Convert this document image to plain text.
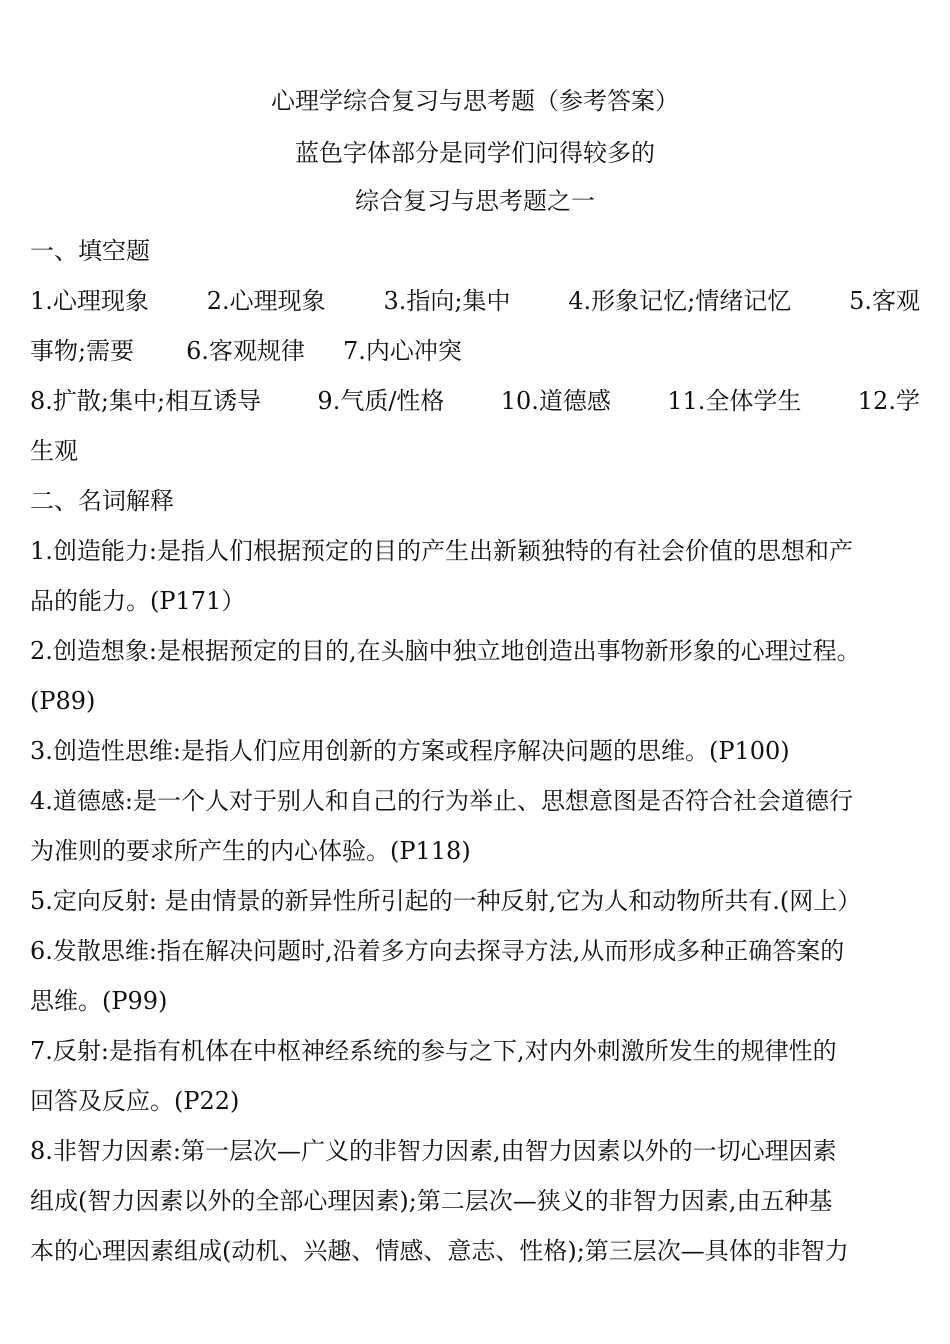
心理学综合复习与思考题（参考答案）
蓝色字体部分是同学们问得较多的
综合复习与思考题之一
一、填空题
1.心理现象 2.心理现象 3.指向;集中 4.形象记忆;情绪记忆 5.客观
事物;需要 6.客观规律 7.内心冲突
8.扩散;集中;相互诱导 9.气质/性格 10.道德感 11.全体学生 12.学
生观
二、名词解释
1.创造能力:是指人们根据预定的目的产生出新颖独特的有社会价值的思想和产
品的能力。(P171）
2.创造想象:是根据预定的目的,在头脑中独立地创造出事物新形象的心理过程。
(P89)
3.创造性思维:是指人们应用创新的方案或程序解决问题的思维。(P100)
4.道德感:是一个人对于别人和自己的行为举止、思想意图是否符合社会道德行
为准则的要求所产生的内心体验。(P118)
5.定向反射: 是由情景的新异性所引起的一种反射,它为人和动物所共有.(网上）
6.发散思维:指在解决问题时,沿着多方向去探寻方法,从而形成多种正确答案的
思维。(P99)
7.反射:是指有机体在中枢神经系统的参与之下,对内外刺激所发生的规律性的
回答及反应。(P22)
8.非智力因素:第一层次—广义的非智力因素,由智力因素以外的一切心理因素
组成(智力因素以外的全部心理因素);第二层次—狭义的非智力因素,由五种基
本的心理因素组成(动机、兴趣、情感、意志、性格);第三层次—具体的非智力
